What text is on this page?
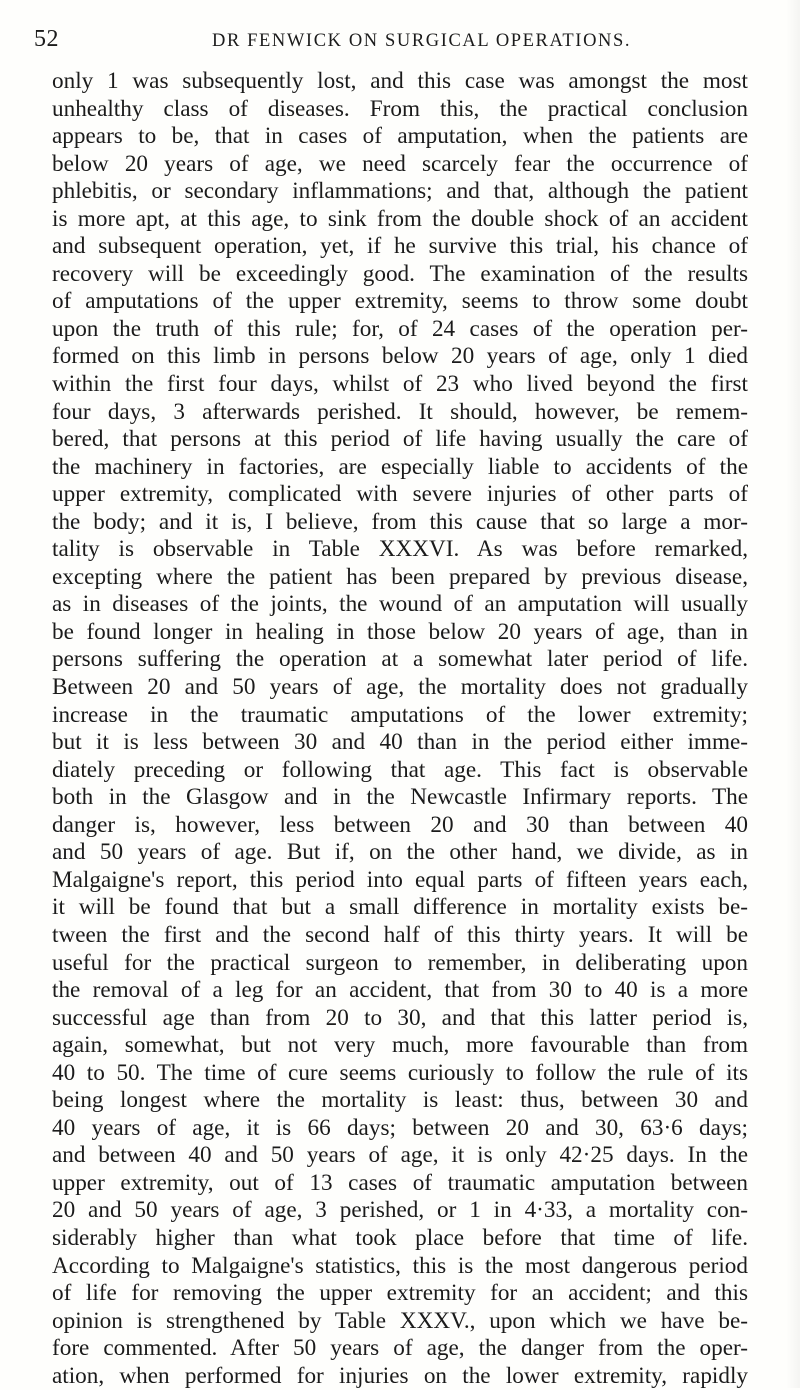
52	DR FENWICK ON SURGICAL OPERATIONS.
only 1 was subsequently lost, and this case was amongst the most
unhealthy class of diseases. From this, the practical conclusion
appears to be, that in cases of amputation, when the patients are
below 20 years of age, we need scarcely fear the occurrence of
phlebitis, or secondary inflammations; and that, although the patient
is more apt, at this age, to sink from the double shock of an accident
and subsequent operation, yet, if he survive this trial, his chance of
recovery will be exceedingly good. The examination of the results
of amputations of the upper extremity, seems to throw some doubt
upon the truth of this rule; for, of 24 cases of the operation per-
formed on this limb in persons below 20 years of age, only 1 died
within the first four days, whilst of 23 who lived beyond the first
four days, 3 afterwards perished. It should, however, be remem-
bered, that persons at this period of life having usually the care of
the machinery in factories, are especially liable to accidents of the
upper extremity, complicated with severe injuries of other parts of
the body; and it is, I believe, from this cause that so large a mor-
tality is observable in Table XXXVI. As was before remarked,
excepting where the patient has been prepared by previous disease,
as in diseases of the joints, the wound of an amputation will usually
be found longer in healing in those below 20 years of age, than in
persons suffering the operation at a somewhat later period of life.
Between 20 and 50 years of age, the mortality does not gradually
increase in the traumatic amputations of the lower extremity;
but it is less between 30 and 40 than in the period either imme-
diately preceding or following that age. This fact is observable
both in the Glasgow and in the Newcastle Infirmary reports. The
danger is, however, less between 20 and 30 than between 40
and 50 years of age. But if, on the other hand, we divide, as in
Malgaigne's report, this period into equal parts of fifteen years each,
it will be found that but a small difference in mortality exists be-
tween the first and the second half of this thirty years. It will be
useful for the practical surgeon to remember, in deliberating upon
the removal of a leg for an accident, that from 30 to 40 is a more
successful age than from 20 to 30, and that this latter period is,
again, somewhat, but not very much, more favourable than from
40 to 50. The time of cure seems curiously to follow the rule of its
being longest where the mortality is least: thus, between 30 and
40 years of age, it is 66 days; between 20 and 30, 63·6 days;
and between 40 and 50 years of age, it is only 42·25 days. In the
upper extremity, out of 13 cases of traumatic amputation between
20 and 50 years of age, 3 perished, or 1 in 4·33, a mortality con-
siderably higher than what took place before that time of life.
According to Malgaigne's statistics, this is the most dangerous period
of life for removing the upper extremity for an accident; and this
opinion is strengthened by Table XXXV., upon which we have be-
fore commented. After 50 years of age, the danger from the oper-
ation, when performed for injuries on the lower extremity, rapidly
